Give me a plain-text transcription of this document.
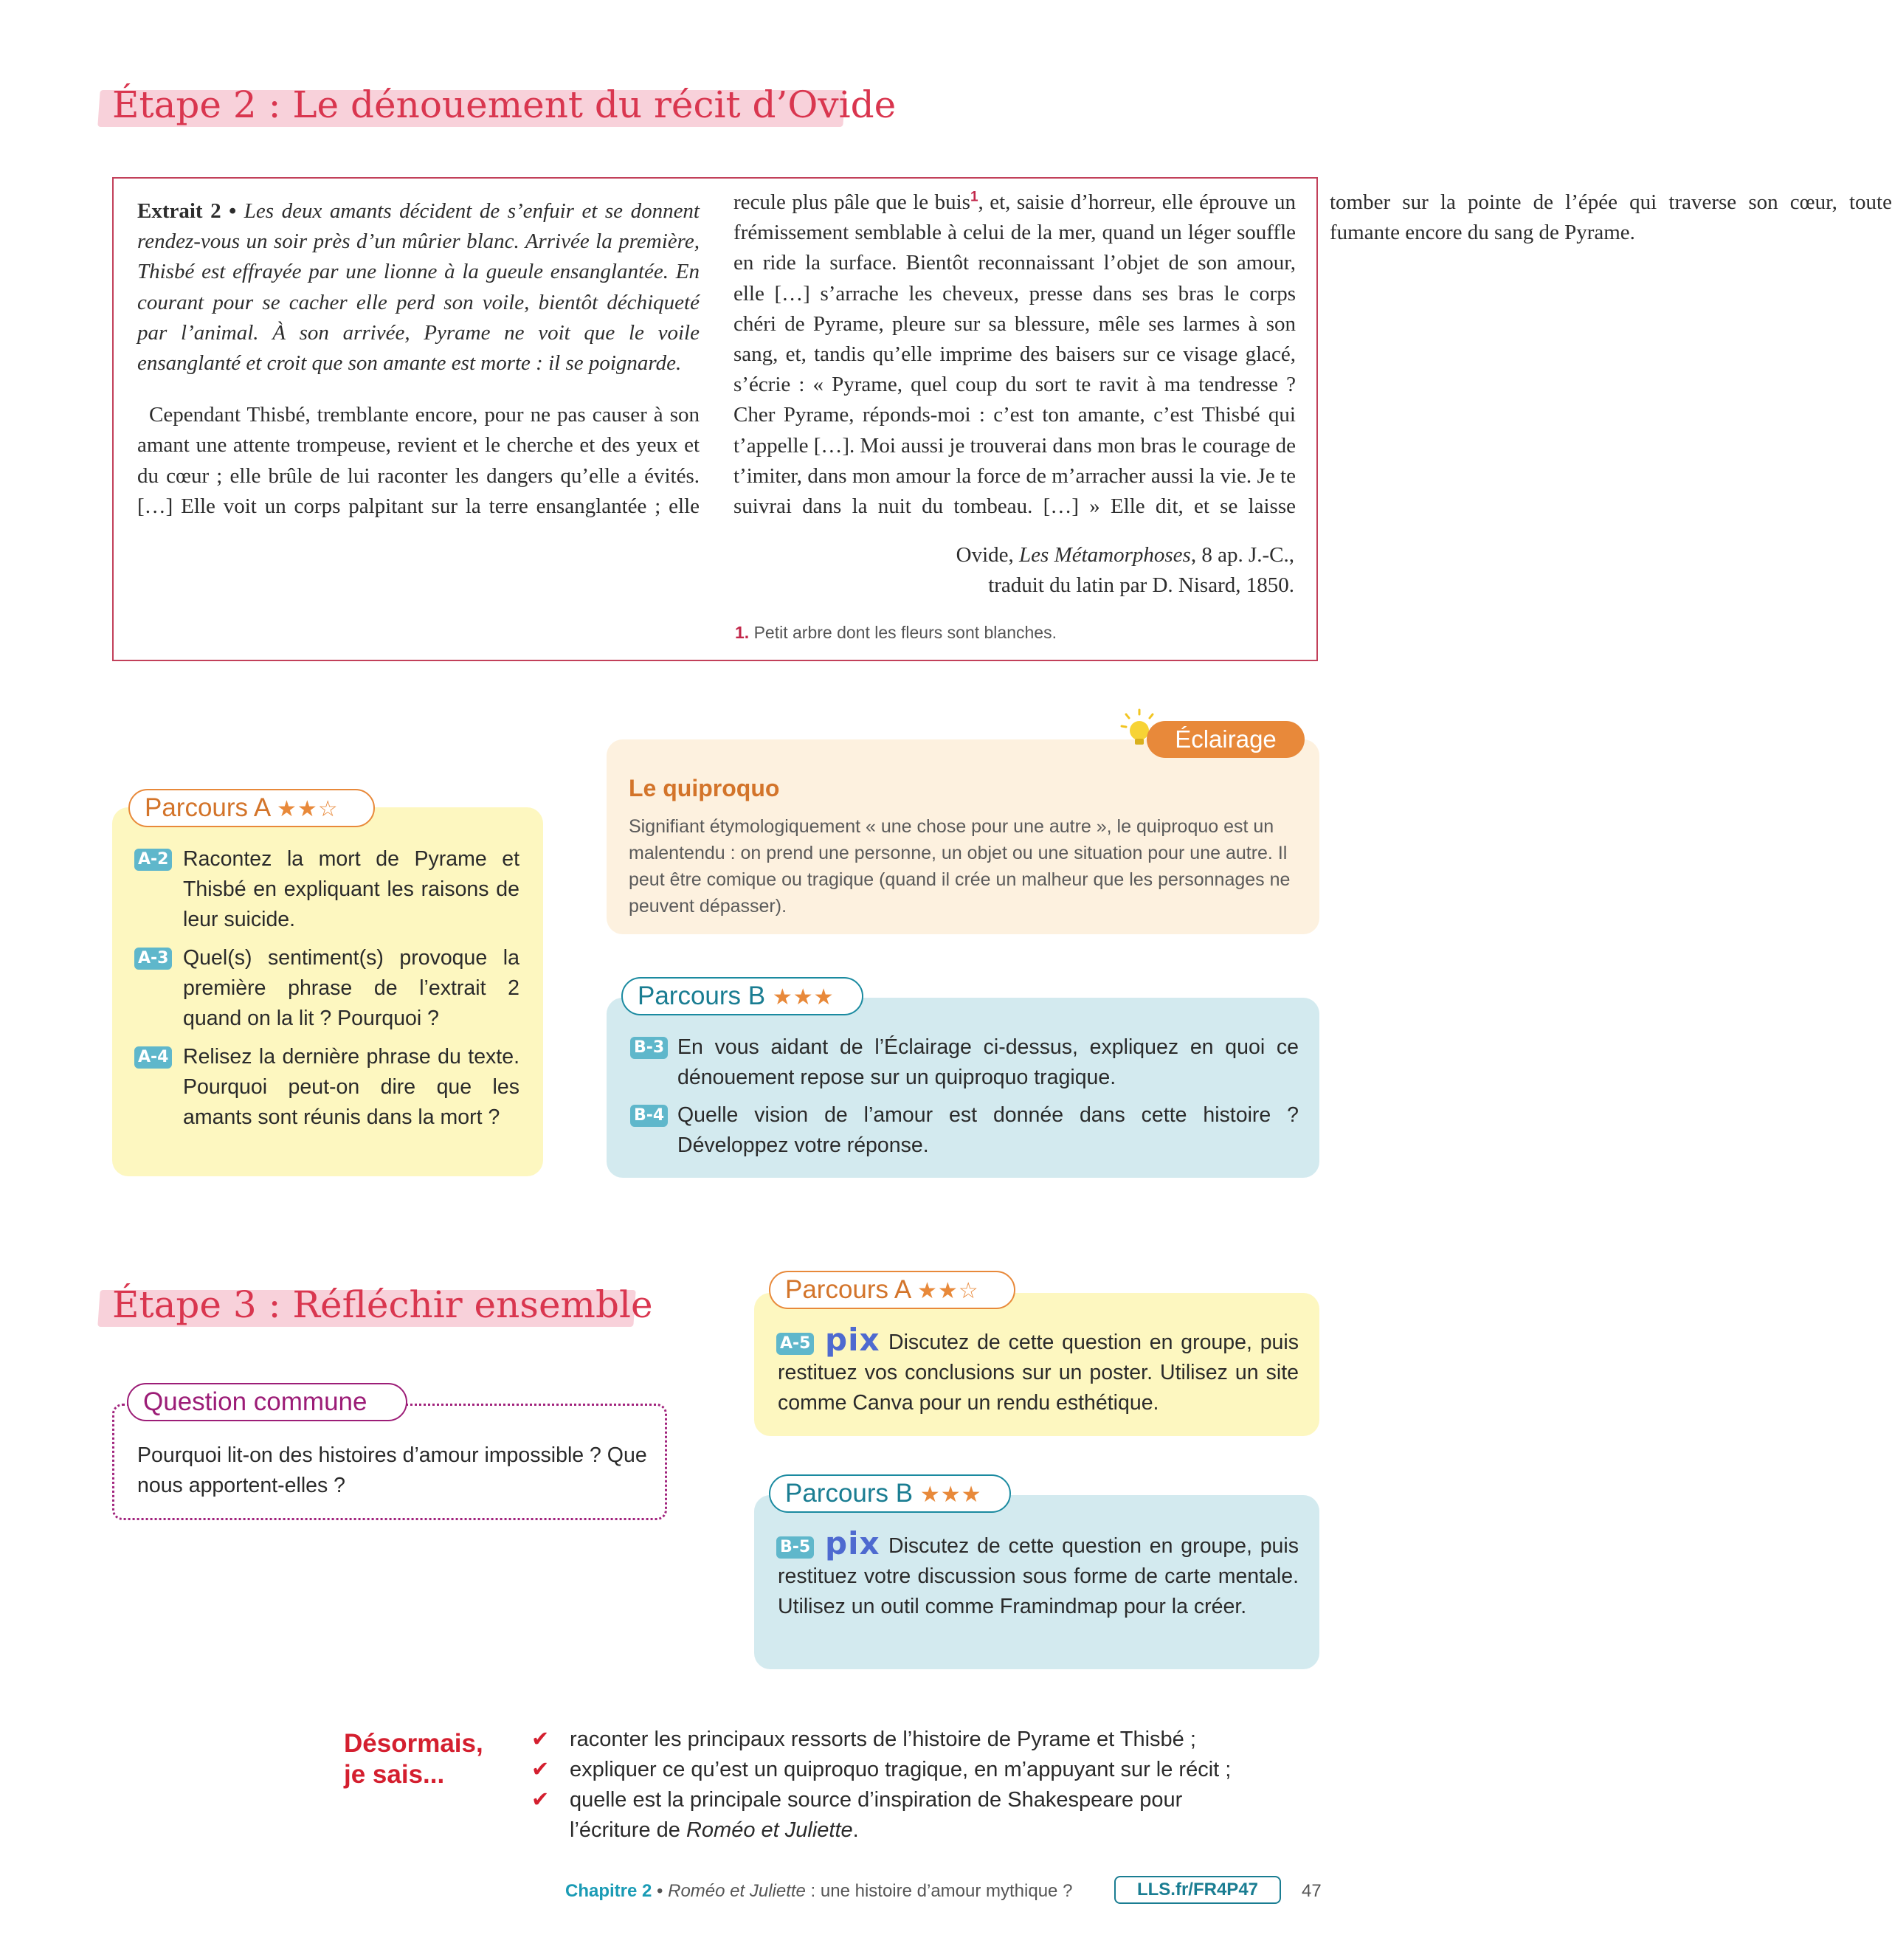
Étape 2 : Le dénouement du récit d’Ovide

Extrait 2 • Les deux amants décident de s’enfuir et se donnent rendez-vous un soir près d’un mûrier blanc. Arrivée la première, Thisbé est effrayée par une lionne à la gueule ensanglantée. En courant pour se cacher elle perd son voile, bientôt déchiqueté par l’animal. À son arrivée, Pyrame ne voit que le voile ensanglanté et croit que son amante est morte : il se poignarde.

Cependant Thisbé, tremblante encore, pour ne pas causer à son amant une attente trompeuse, revient et le cherche et des yeux et du cœur ; elle brûle de lui raconter les dangers qu’elle a évités. […] Elle voit un corps palpitant sur la terre ensanglantée ; elle recule plus pâle que le buis$^1$, et, saisie d’horreur, elle éprouve un frémissement semblable à celui de la mer, quand un léger souffle en ride la surface. Bientôt reconnaissant l’objet de son amour, elle […] s’arrache les cheveux, presse dans ses bras le corps chéri de Pyrame, pleure sur sa blessure, mêle ses larmes à son sang, et, tandis qu’elle imprime des baisers sur ce visage glacé, s’écrie : « Pyrame, quel coup du sort te ravit à ma tendresse ? Cher Pyrame, réponds-moi : c’est ton amante, c’est Thisbé qui t’appelle […]. Moi aussi je trouverai dans mon bras le courage de t’imiter, dans mon amour la force de m’arracher aussi la vie. Je te suivrai dans la nuit du tombeau. […] » Elle dit, et se laisse tomber sur la pointe de l’épée qui traverse son cœur, toute fumante encore du sang de Pyrame.

Ovide, Les Métamorphoses, 8 ap. J.-C.,
traduit du latin par D. Nisard, 1850.
1. Petit arbre dont les fleurs sont blanches.
Éclairage
Le quiproquo
Signifiant étymologiquement « une chose pour une autre », le quiproquo est un malentendu : on prend une personne, un objet ou une situation pour une autre. Il peut être comique ou tragique (quand il crée un malheur que les personnages ne peuvent dépasser).
Parcours A ★★☆
A-2 Racontez la mort de Pyrame et Thisbé en expliquant les raisons de leur suicide.
A-3 Quel(s) sentiment(s) provoque la première phrase de l’extrait 2 quand on la lit ? Pourquoi ?
A-4 Relisez la dernière phrase du texte. Pourquoi peut-on dire que les amants sont réunis dans la mort ?
Parcours B ★★★
B-3 En vous aidant de l’Éclairage ci-dessus, expliquez en quoi ce dénouement repose sur un quiproquo tragique.
B-4 Quelle vision de l’amour est donnée dans cette histoire ? Développez votre réponse.
Étape 3 : Réfléchir ensemble
Question commune
Pourquoi lit-on des histoires d’amour impossible ? Que nous apportent-elles ?
Parcours A ★★☆
A-5 pix Discutez de cette question en groupe, puis restituez vos conclusions sur un poster. Utilisez un site comme Canva pour un rendu esthétique.
Parcours B ★★★
B-5 pix Discutez de cette question en groupe, puis restituez votre discussion sous forme de carte mentale. Utilisez un outil comme Framindmap pour la créer.
Désormais,
je sais...
✔ raconter les principaux ressorts de l’histoire de Pyrame et Thisbé ;
✔ expliquer ce qu’est un quiproquo tragique, en m’appuyant sur le récit ;
✔ quelle est la principale source d’inspiration de Shakespeare pour
l’écriture de Roméo et Juliette.
Chapitre 2 • Roméo et Juliette : une histoire d’amour mythique ?	LLS.fr/FR4P47	47
